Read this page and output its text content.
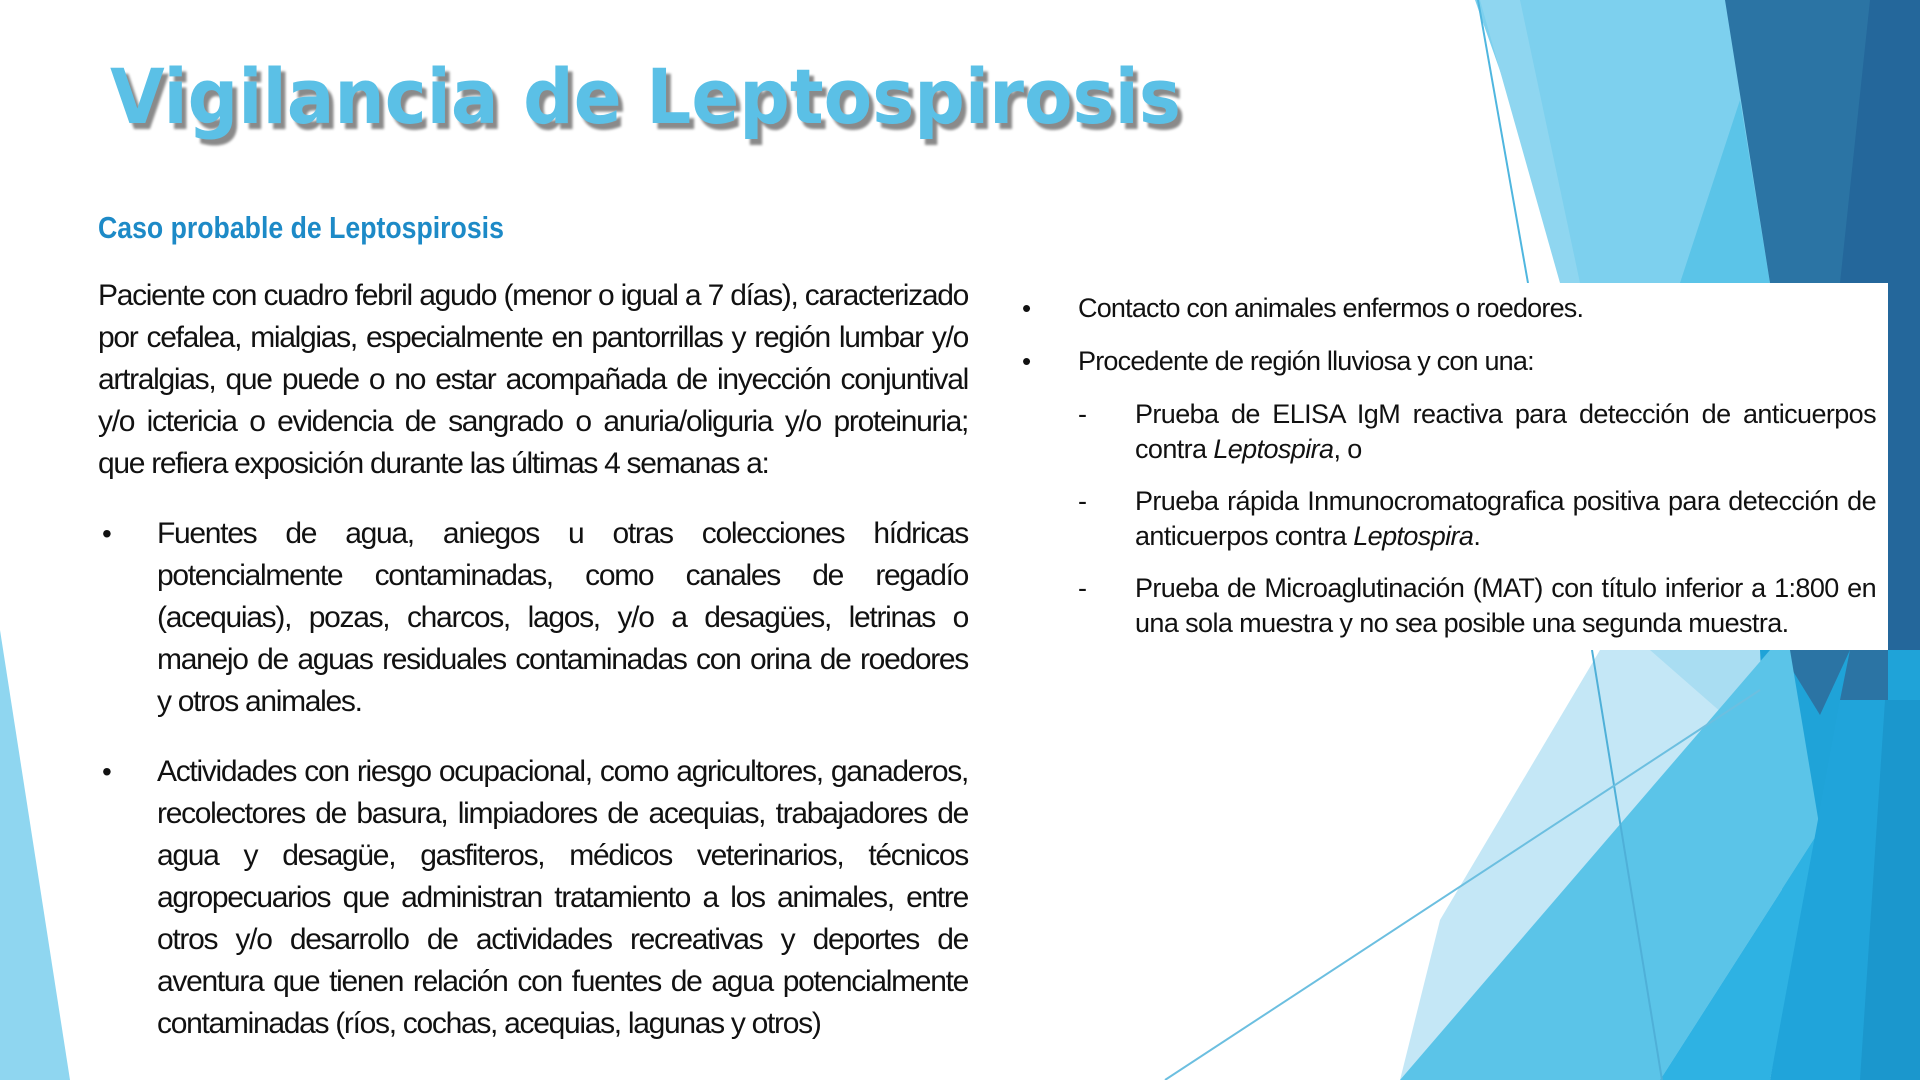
Vigilancia de Leptospirosis
Caso probable de Leptospirosis

Paciente con cuadro febril agudo (menor o igual a 7 días), caracterizado por cefalea, mialgias, especialmente en pantorrillas y región lumbar y/o artralgias, que puede o no estar acompañada de inyección conjuntival y/o ictericia o evidencia de sangrado o anuria/oliguria y/o proteinuria; que refiera exposición durante las últimas 4 semanas a:

• Fuentes de agua, aniegos u otras colecciones hídricas potencialmente contaminadas, como canales de regadío (acequias), pozas, charcos, lagos, y/o a desagües, letrinas o manejo de aguas residuales contaminadas con orina de roedores y otros animales.
• Actividades con riesgo ocupacional, como agricultores, ganaderos, recolectores de basura, limpiadores de acequias, trabajadores de agua y desagüe, gasfiteros, médicos veterinarios, técnicos agropecuarios que administran tratamiento a los animales, entre otros y/o desarrollo de actividades recreativas y deportes de aventura que tienen relación con fuentes de agua potencialmente contaminadas (ríos, cochas, acequias, lagunas y otros)
• Contacto con animales enfermos o roedores.
• Procedente de región lluviosa y con una:
- Prueba de ELISA IgM reactiva para detección de anticuerpos contra Leptospira, o
- Prueba rápida Inmunocromatografica positiva para detección de anticuerpos contra Leptospira.
- Prueba de Microaglutinación (MAT) con título inferior a 1:800 en una sola muestra y no sea posible una segunda muestra.
